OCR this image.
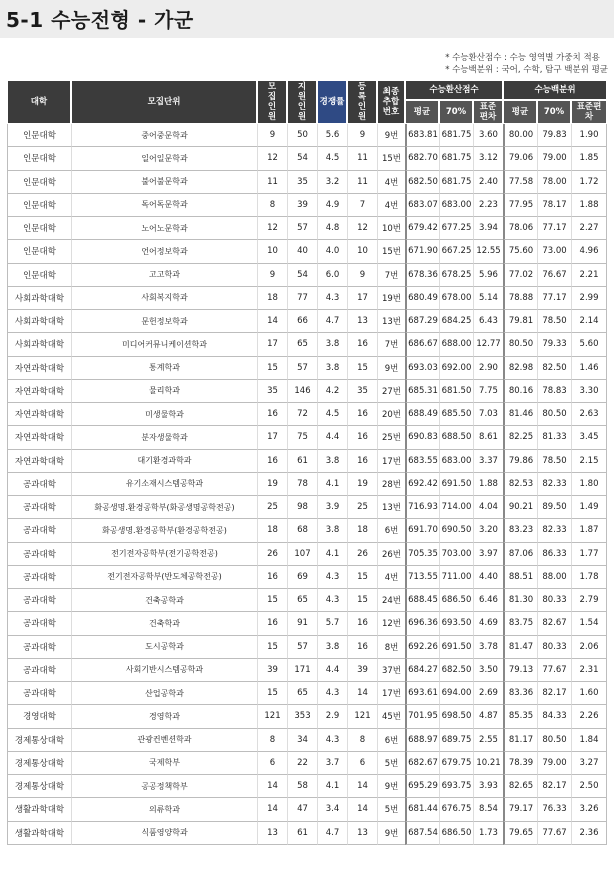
5-1 수능전형 - 가군
* 수능환산점수 : 수능 영역별 가중치 적용
* 수능백분위 : 국어, 수학, 탐구 백분위 평균
대학	모집단위	모집인원	지원인원	경쟁률	등록인원	최종추합번호	수능환산점수			수능백분위		
							평균	70%	표준편차	평균	70%	표준편차
인문대학	중어중문학과	9	50	5.6	9	9번	683.81	681.75	3.60	80.00	79.83	1.90
인문대학	일어일문학과	12	54	4.5	11	15번	682.70	681.75	3.12	79.06	79.00	1.85
인문대학	불어불문학과	11	35	3.2	11	4번	682.50	681.75	2.40	77.58	78.00	1.72
인문대학	독어독문학과	8	39	4.9	7	4번	683.07	683.00	2.23	77.95	78.17	1.88
인문대학	노어노문학과	12	57	4.8	12	10번	679.42	677.25	3.94	78.06	77.17	2.27
인문대학	언어정보학과	10	40	4.0	10	15번	671.90	667.25	12.55	75.60	73.00	4.96
인문대학	고고학과	9	54	6.0	9	7번	678.36	678.25	5.96	77.02	76.67	2.21
사회과학대학	사회복지학과	18	77	4.3	17	19번	680.49	678.00	5.14	78.88	77.17	2.99
사회과학대학	문헌정보학과	14	66	4.7	13	13번	687.29	684.25	6.43	79.81	78.50	2.14
사회과학대학	미디어커뮤니케이션학과	17	65	3.8	16	7번	686.67	688.00	12.77	80.50	79.33	5.60
자연과학대학	통계학과	15	57	3.8	15	9번	693.03	692.00	2.90	82.98	82.50	1.46
자연과학대학	물리학과	35	146	4.2	35	27번	685.31	681.50	7.75	80.16	78.83	3.30
자연과학대학	미생물학과	16	72	4.5	16	20번	688.49	685.50	7.03	81.46	80.50	2.63
자연과학대학	분자생물학과	17	75	4.4	16	25번	690.83	688.50	8.61	82.25	81.33	3.45
자연과학대학	대기환경과학과	16	61	3.8	16	17번	683.55	683.00	3.37	79.86	78.50	2.15
공과대학	유기소재시스템공학과	19	78	4.1	19	28번	692.42	691.50	1.88	82.53	82.33	1.80
공과대학	화공생명.환경공학부(화공생명공학전공)	25	98	3.9	25	13번	716.93	714.00	4.04	90.21	89.50	1.49
공과대학	화공생명.환경공학부(환경공학전공)	18	68	3.8	18	6번	691.70	690.50	3.20	83.23	82.33	1.87
공과대학	전기전자공학부(전기공학전공)	26	107	4.1	26	26번	705.35	703.00	3.97	87.06	86.33	1.77
공과대학	전기전자공학부(반도체공학전공)	16	69	4.3	15	4번	713.55	711.00	4.40	88.51	88.00	1.78
공과대학	건축공학과	15	65	4.3	15	24번	688.45	686.50	6.46	81.30	80.33	2.79
공과대학	건축학과	16	91	5.7	16	12번	696.36	693.50	4.69	83.75	82.67	1.54
공과대학	도시공학과	15	57	3.8	16	8번	692.26	691.50	3.78	81.47	80.33	2.06
공과대학	사회기반시스템공학과	39	171	4.4	39	37번	684.27	682.50	3.50	79.13	77.67	2.31
공과대학	산업공학과	15	65	4.3	14	17번	693.61	694.00	2.69	83.36	82.17	1.60
경영대학	경영학과	121	353	2.9	121	45번	701.95	698.50	4.87	85.35	84.33	2.26
경제통상대학	관광컨벤션학과	8	34	4.3	8	6번	688.97	689.75	2.55	81.17	80.50	1.84
경제통상대학	국제학부	6	22	3.7	6	5번	682.67	679.75	10.21	78.39	79.00	3.27
경제통상대학	공공정책학부	14	58	4.1	14	9번	695.29	693.75	3.93	82.65	82.17	2.50
생활과학대학	의류학과	14	47	3.4	14	5번	681.44	676.75	8.54	79.17	76.33	3.26
생활과학대학	식품영양학과	13	61	4.7	13	9번	687.54	686.50	1.73	79.65	77.67	2.36
